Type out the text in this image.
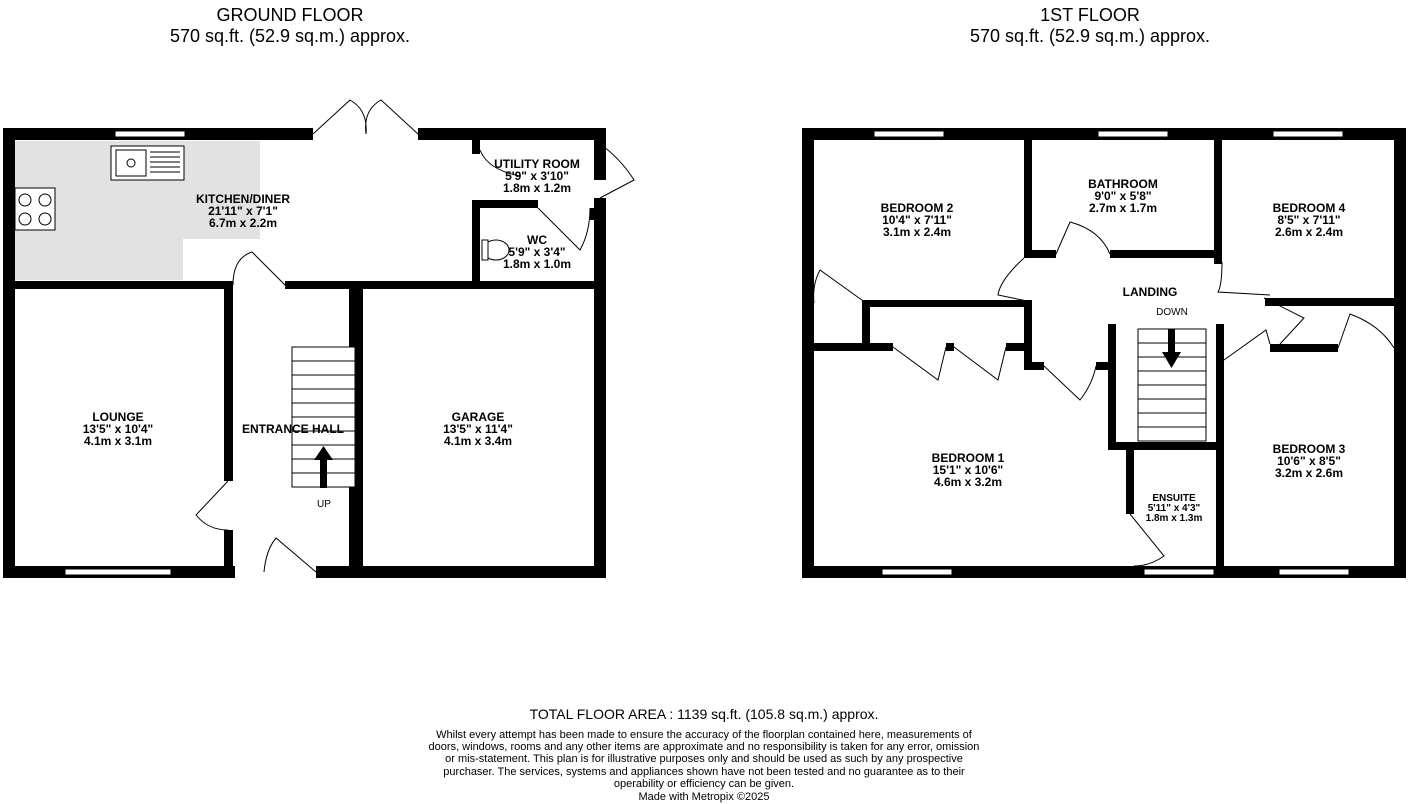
GROUND FLOOR
570 sq.ft. (52.9 sq.m.) approx.
1ST FLOOR
570 sq.ft. (52.9 sq.m.) approx.
KITCHEN/DINER
21'11" x 7'1"
6.7m x 2.2m
UTILITY ROOM
5'9" x 3'10"
1.8m x 1.2m
WC
5'9" x 3'4"
1.8m x 1.0m
LOUNGE
13'5" x 10'4"
4.1m x 3.1m
ENTRANCE HALL
GARAGE
13'5" x 11'4"
4.1m x 3.4m
UP
BEDROOM 2
10'4" x 7'11"
3.1m x 2.4m
BATHROOM
9'0" x 5'8"
2.7m x 1.7m	BEDROOM 4
8'5" x 7'11"
2.6m x 2.4m
LANDING
DOWN
BEDROOM 1
15'1" x 10'6"
4.6m x 3.2m
ENSUITE
5'11" x 4'3"
1.8m x 1.3m
BEDROOM 3
10'6" x 8'5"
3.2m x 2.6m
TOTAL FLOOR AREA : 1139 sq.ft. (105.8 sq.m.) approx.
Whilst every attempt has been made to ensure the accuracy of the floorplan contained here, measurements of doors, windows, rooms and any other items are approximate and no responsibility is taken for any error, omission or mis-statement. This plan is for illustrative purposes only and should be used as such by any prospective purchaser. The services, systems and appliances shown have not been tested and no guarantee as to their operability or efficiency can be given.
Made with Metropix ©2025
